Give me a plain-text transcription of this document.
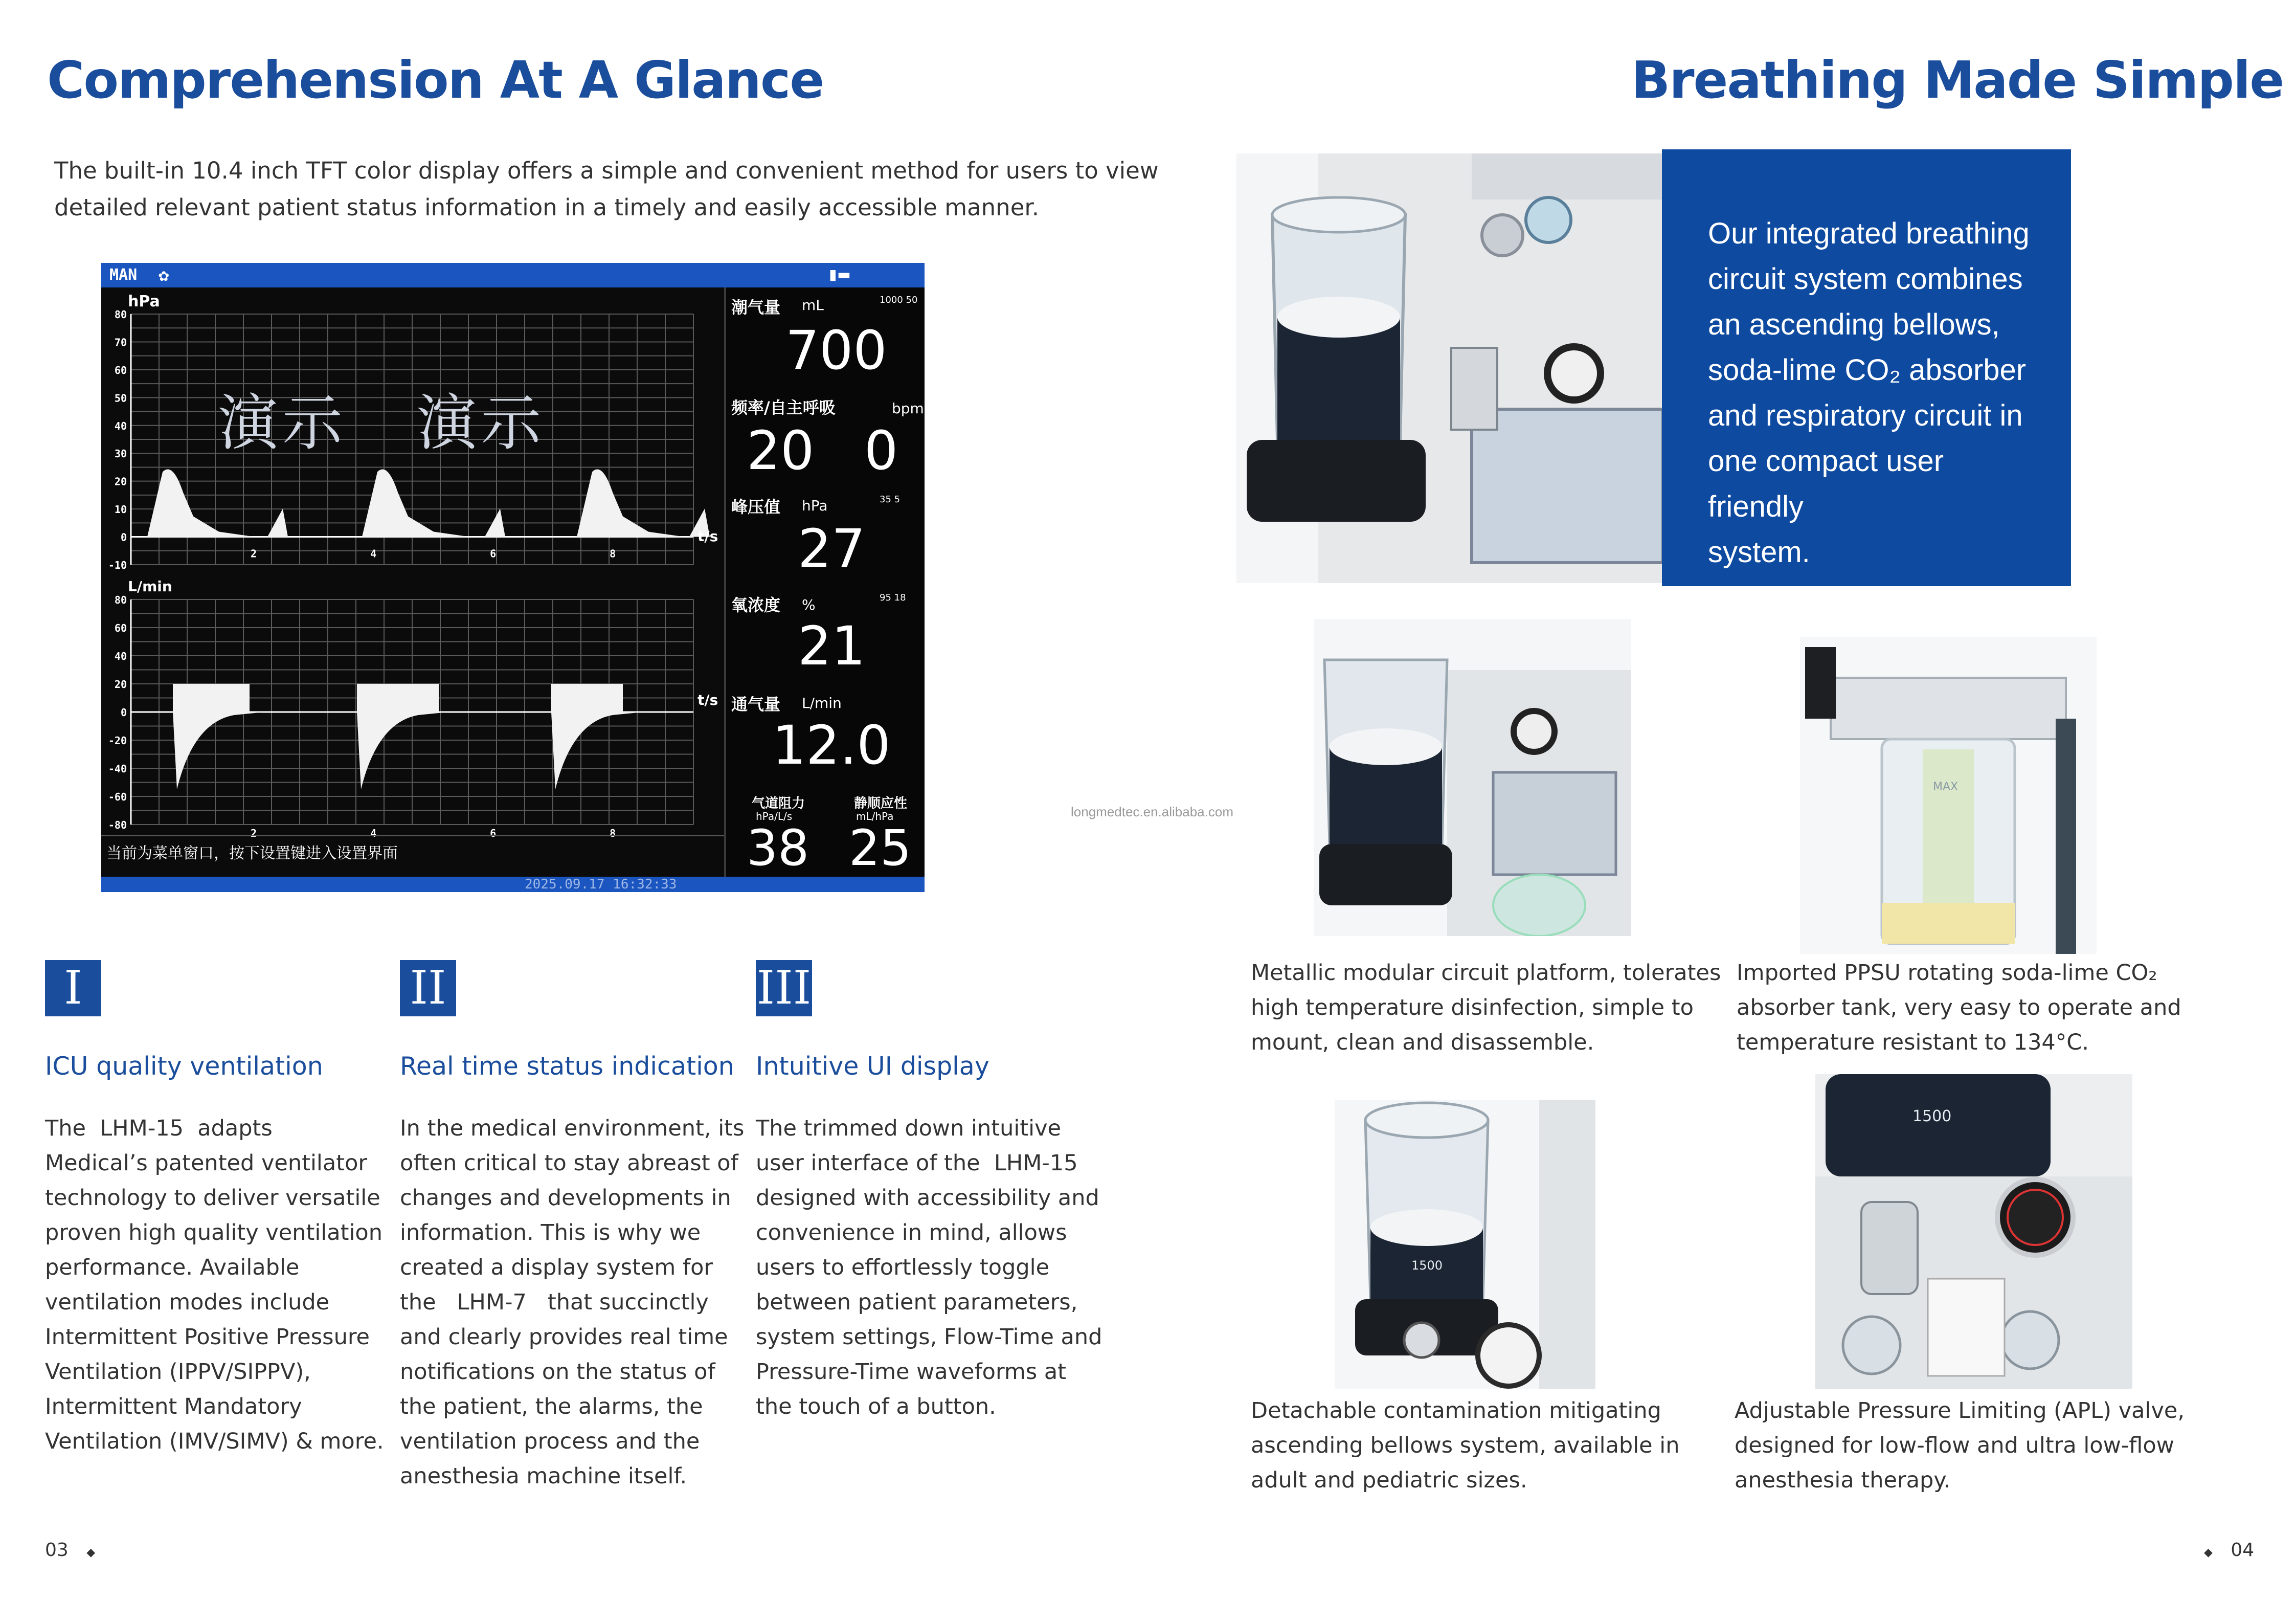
Comprehension At A Glance
The built-in 10.4 inch TFT color display offers a simple and convenient method for users to view
detailed relevant patient status information in a timely and easily accessible manner.
MAN ✿	▮▬
80
70
60
50
40
30
20
10
0
-10
80
60
40
20
0
-20
-40
-60
-80
2
2
4
4
6
6
8
8
演示   演示
hPa
L/min
t/s
t/s
当前为菜单窗口，按下设置键进入设置界面
潮气量 mL	1000 50
700
频率/自主呼吸	bpm
20 0
峰压值 hPa	35 5
27
氧浓度 %	95 18
21
通气量 L/min
12.0
气道阻力
hPa/L/s
38
静顺应性
mL/hPa
25
2025.09.17 16:32:33
longmedtec.en.alibaba.com
I	II	III
ICU quality ventilation	Real time status indication Intuitive UI display
The  LHM-15  adapts
Medical’s patented ventilator
technology to deliver versatile
proven high quality ventilation
performance. Available
ventilation modes include
Intermittent Positive Pressure
Ventilation (IPPV/SIPPV),
Intermittent Mandatory
Ventilation (IMV/SIMV) & more.
In the medical environment, its
often critical to stay abreast of
changes and developments in
information. This is why we
created a display system for
the   LHM-7   that succinctly
and clearly provides real time
notifications on the status of
the patient, the alarms, the
ventilation process and the
anesthesia machine itself.
The trimmed down intuitive
user interface of the  LHM-15
designed with accessibility and
convenience in mind, allows
users to effortlessly toggle
between patient parameters,
system settings, Flow-Time and
Pressure-Time waveforms at
the touch of a button.
03 ◆
Breathing Made Simple
Our integrated breathing
circuit system combines
an ascending bellows,
soda-lime CO₂ absorber
and respiratory circuit in
one compact user friendly
system.
MAX
Metallic modular circuit platform, tolerates
high temperature disinfection, simple to
mount, clean and disassemble.
Imported PPSU rotating soda-lime CO₂
absorber tank, very easy to operate and
temperature resistant to 134°C.
1500
1500
Detachable contamination mitigating
ascending bellows system, available in
adult and pediatric sizes.
Adjustable Pressure Limiting (APL) valve,
designed for low-flow and ultra low-flow
anesthesia therapy.
◆ 04
